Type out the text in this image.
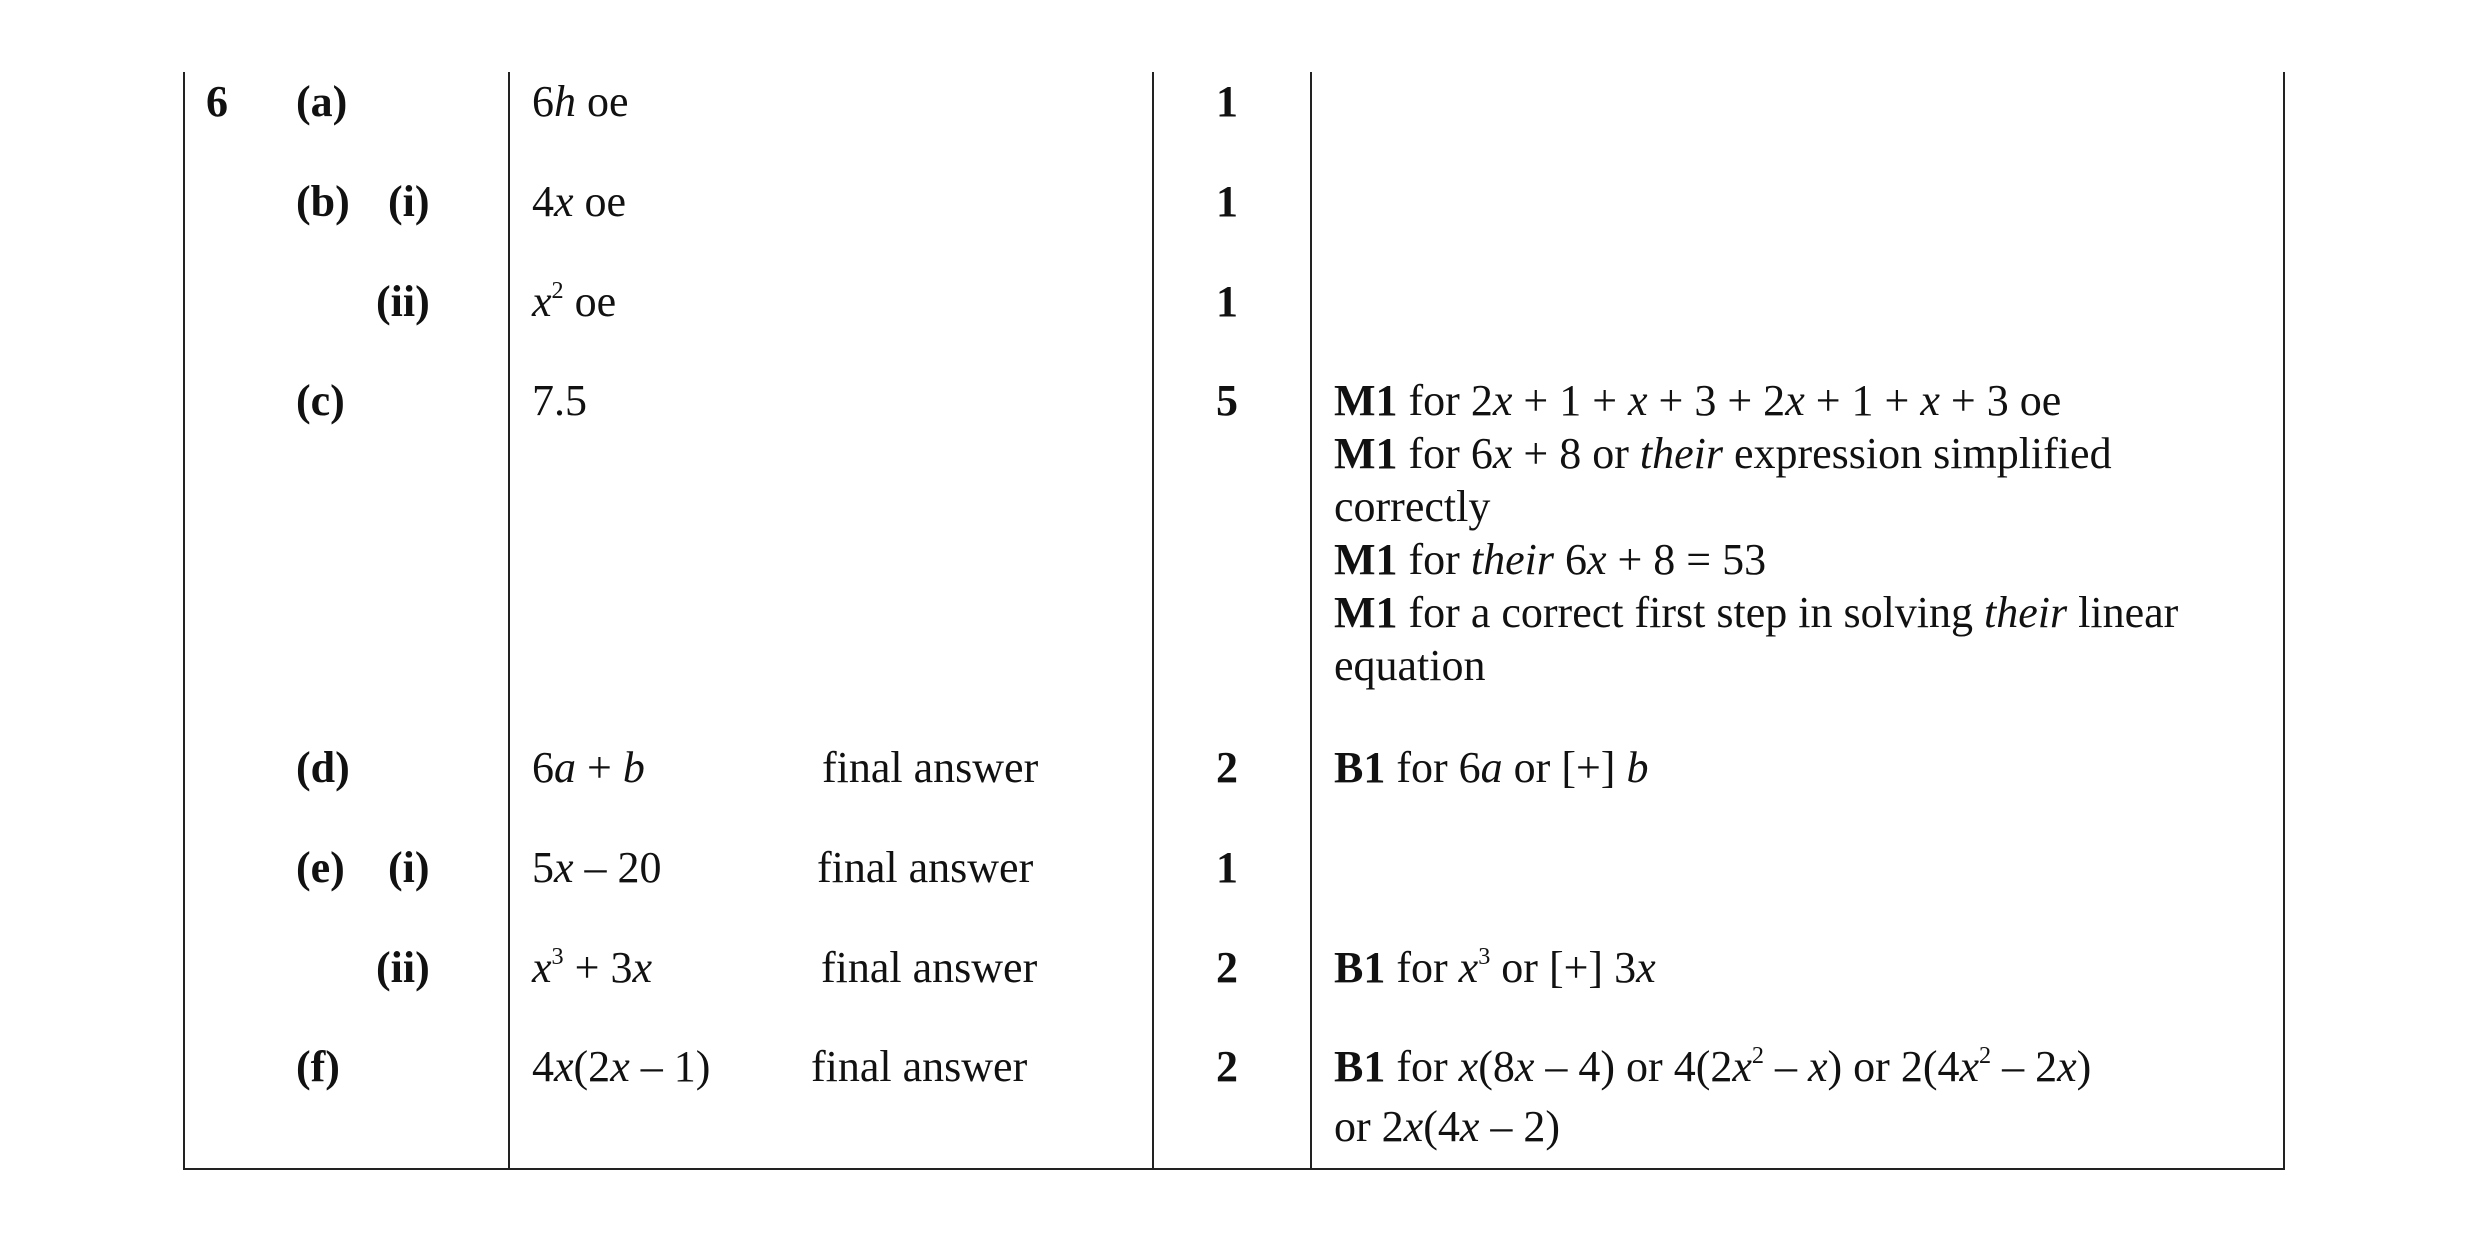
6 (a)	6h oe	1
(b) (i) 4x oe	1
(ii) $x^2$ oe	1
(c)	7.5	5 M1 for 2x + 1 + x + 3 + 2x + 1 + x + 3 oe
M1 for 6x + 8 or their expression simplified
correctly
M1 for their 6x + 8 = 53
M1 for a correct first step in solving their linear
equation
(d)	6a + b	final answer	2 B1 for 6a or [+] b
(e) (i) 5x – 20	final answer	1
(ii) $x^3 + 3x$	final answer	2 B1 for $x^3$ or [+] 3x
(f)	4x(2x – 1) final answer	2 B1 for x(8x – 4) or $4(2x^2 - x)$ or $2(4x^2 - 2x)$
or 2x(4x – 2)
